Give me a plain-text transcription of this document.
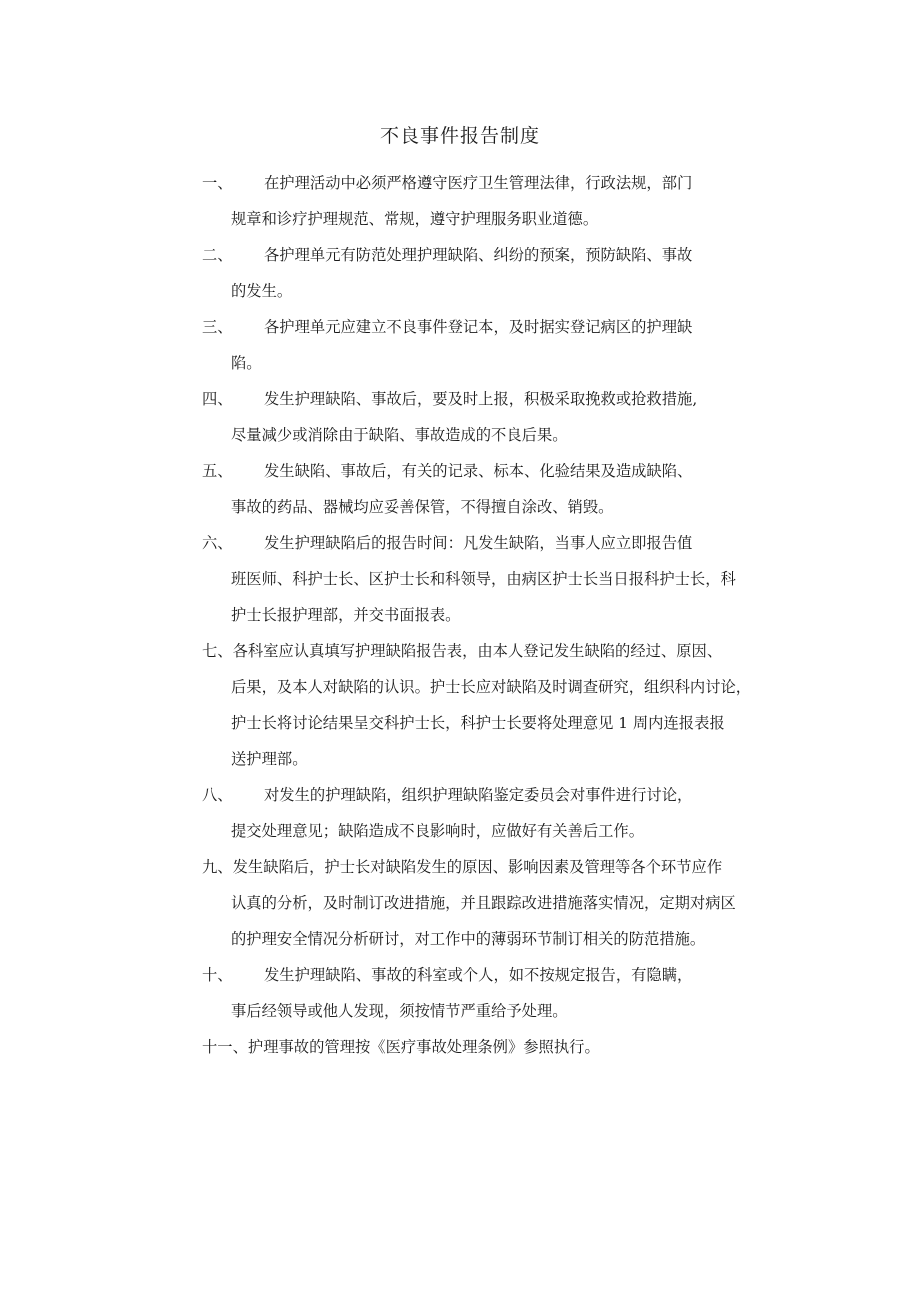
不良事件报告制度
一、 在护理活动中必须严格遵守医疗卫生管理法律，行政法规，部门
规章和诊疗护理规范、常规，遵守护理服务职业道德。
二、 各护理单元有防范处理护理缺陷、纠纷的预案，预防缺陷、事故
的发生。
三、 各护理单元应建立不良事件登记本，及时据实登记病区的护理缺
陷。
四、 发生护理缺陷、事故后，要及时上报，积极采取挽救或抢救措施,
尽量减少或消除由于缺陷、事故造成的不良后果。
五、 发生缺陷、事故后，有关的记录、标本、化验结果及造成缺陷、
事故的药品、器械均应妥善保管，不得擅自涂改、销毁。
六、 发生护理缺陷后的报告时间：凡发生缺陷，当事人应立即报告值
班医师、科护士长、区护士长和科领导，由病区护士长当日报科护士长，科
护士长报护理部，并交书面报表。
七、各科室应认真填写护理缺陷报告表，由本人登记发生缺陷的经过、原因、
后果，及本人对缺陷的认识。护士长应对缺陷及时调查研究，组织科内讨论，
护士长将讨论结果呈交科护士长，科护士长要将处理意见 1 周内连报表报
送护理部。
八、 对发生的护理缺陷，组织护理缺陷鉴定委员会对事件进行讨论，
提交处理意见；缺陷造成不良影响时，应做好有关善后工作。
九、发生缺陷后，护士长对缺陷发生的原因、影响因素及管理等各个环节应作
认真的分析，及时制订改进措施，并且跟踪改进措施落实情况，定期对病区
的护理安全情况分析研讨，对工作中的薄弱环节制订相关的防范措施。
十、 发生护理缺陷、事故的科室或个人，如不按规定报告，有隐瞒，
事后经领导或他人发现，须按情节严重给予处理。
十一、护理事故的管理按《医疗事故处理条例》参照执行。
